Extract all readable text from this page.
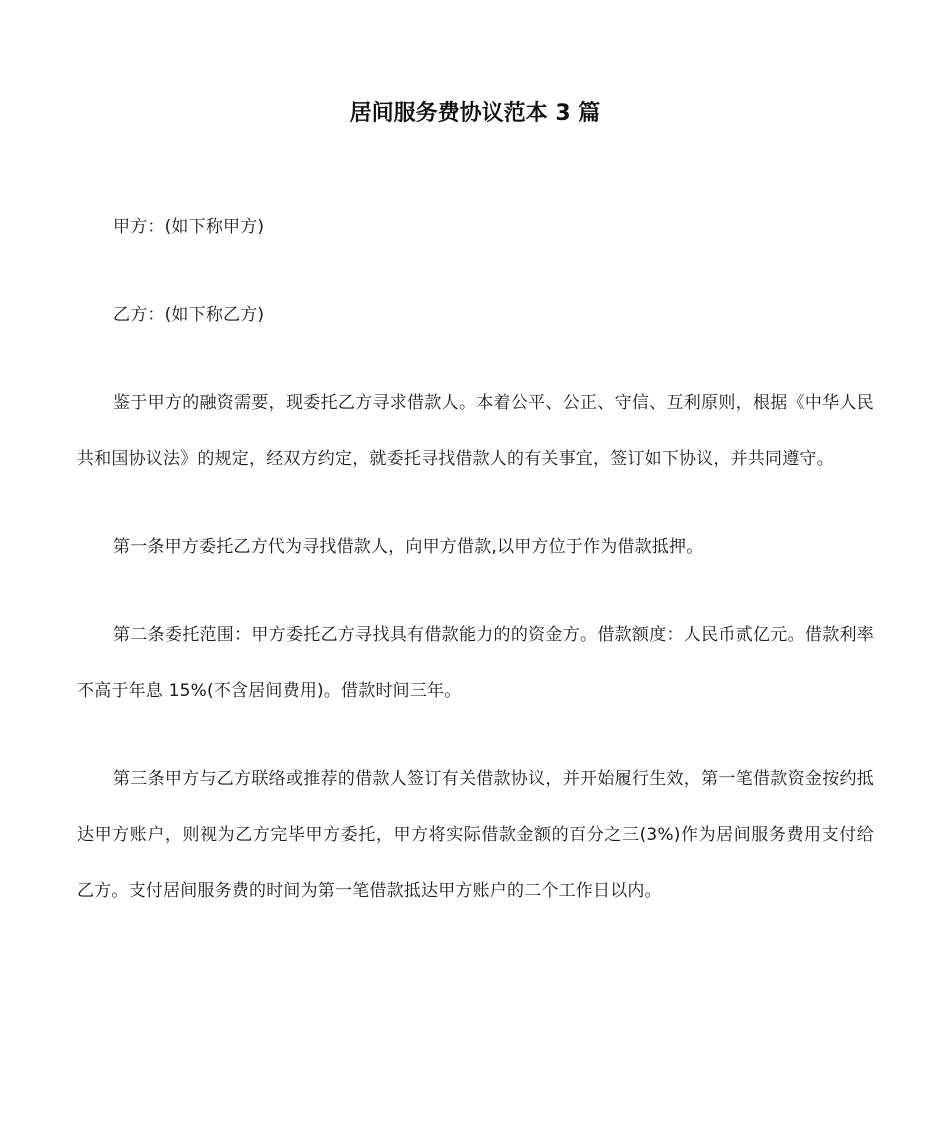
居间服务费协议范本 3 篇

甲方：(如下称甲方)

乙方：(如下称乙方)

鉴于甲方的融资需要，现委托乙方寻求借款人。本着公平、公正、守信、互利原则，根据《中华人民共和国协议法》的规定，经双方约定，就委托寻找借款人的有关事宜，签订如下协议，并共同遵守。

第一条甲方委托乙方代为寻找借款人，向甲方借款,以甲方位于作为借款抵押。

第二条委托范围：甲方委托乙方寻找具有借款能力的的资金方。借款额度：人民币贰亿元。借款利率不高于年息 15%(不含居间费用)。借款时间三年。

第三条甲方与乙方联络或推荐的借款人签订有关借款协议，并开始履行生效，第一笔借款资金按约抵达甲方账户，则视为乙方完毕甲方委托，甲方将实际借款金额的百分之三(3%)作为居间服务费用支付给乙方。支付居间服务费的时间为第一笔借款抵达甲方账户的二个工作日以内。
